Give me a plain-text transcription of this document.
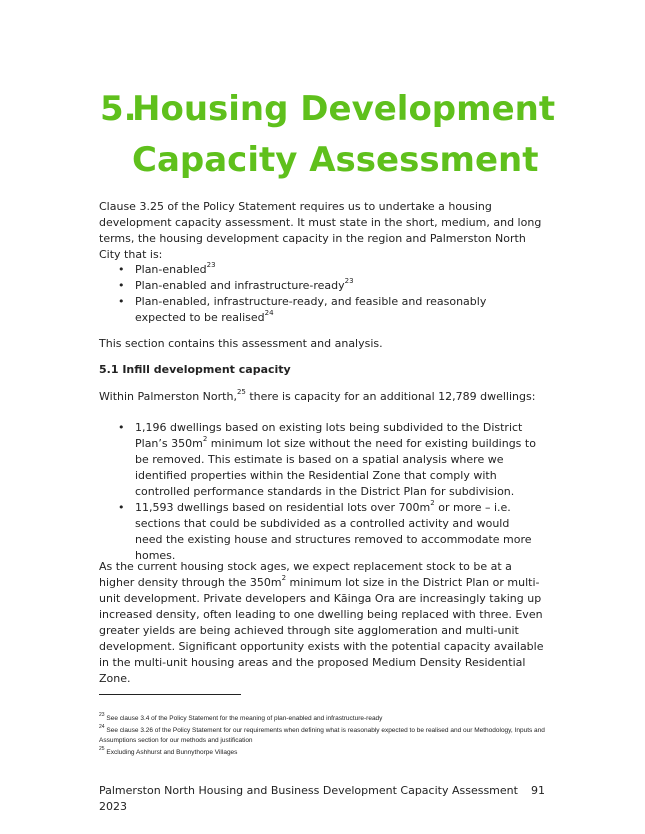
5.Housing Development
Capacity Assessment

Clause 3.25 of the Policy Statement requires us to undertake a housing development capacity assessment. It must state in the short, medium, and long terms, the housing development capacity in the region and Palmerston North City that is:

• Plan-enabled$^{23}$
• Plan-enabled and infrastructure-ready$^{23}$
• Plan-enabled, infrastructure-ready, and feasible and reasonably expected to be realised$^{24}$

This section contains this assessment and analysis.

5.1 Infill development capacity

Within Palmerston North,$^{25}$ there is capacity for an additional 12,789 dwellings:

• 1,196 dwellings based on existing lots being subdivided to the District Plan’s $350m^2$ minimum lot size without the need for existing buildings to be removed. This estimate is based on a spatial analysis where we identified properties within the Residential Zone that comply with controlled performance standards in the District Plan for subdivision.
• 11,593 dwellings based on residential lots over $700m^2$ or more – i.e. sections that could be subdivided as a controlled activity and would need the existing house and structures removed to accommodate more homes.

As the current housing stock ages, we expect replacement stock to be at a higher density through the $350m^2$ minimum lot size in the District Plan or multi-unit development. Private developers and Kāinga Ora are increasingly taking up increased density, often leading to one dwelling being replaced with three. Even greater yields are being achieved through site agglomeration and multi-unit development. Significant opportunity exists with the potential capacity available in the multi-unit housing areas and the proposed Medium Density Residential Zone.

$^{23}$ See clause 3.4 of the Policy Statement for the meaning of plan-enabled and infrastructure-ready

$^{24}$ See clause 3.26 of the Policy Statement for our requirements when defining what is reasonably expected to be realised and our Methodology, Inputs and Assumptions section for our methods and justification

$^{25}$ Excluding Ashhurst and Bunnythorpe Villages

Palmerston North Housing and Business Development Capacity Assessment 2023
91
